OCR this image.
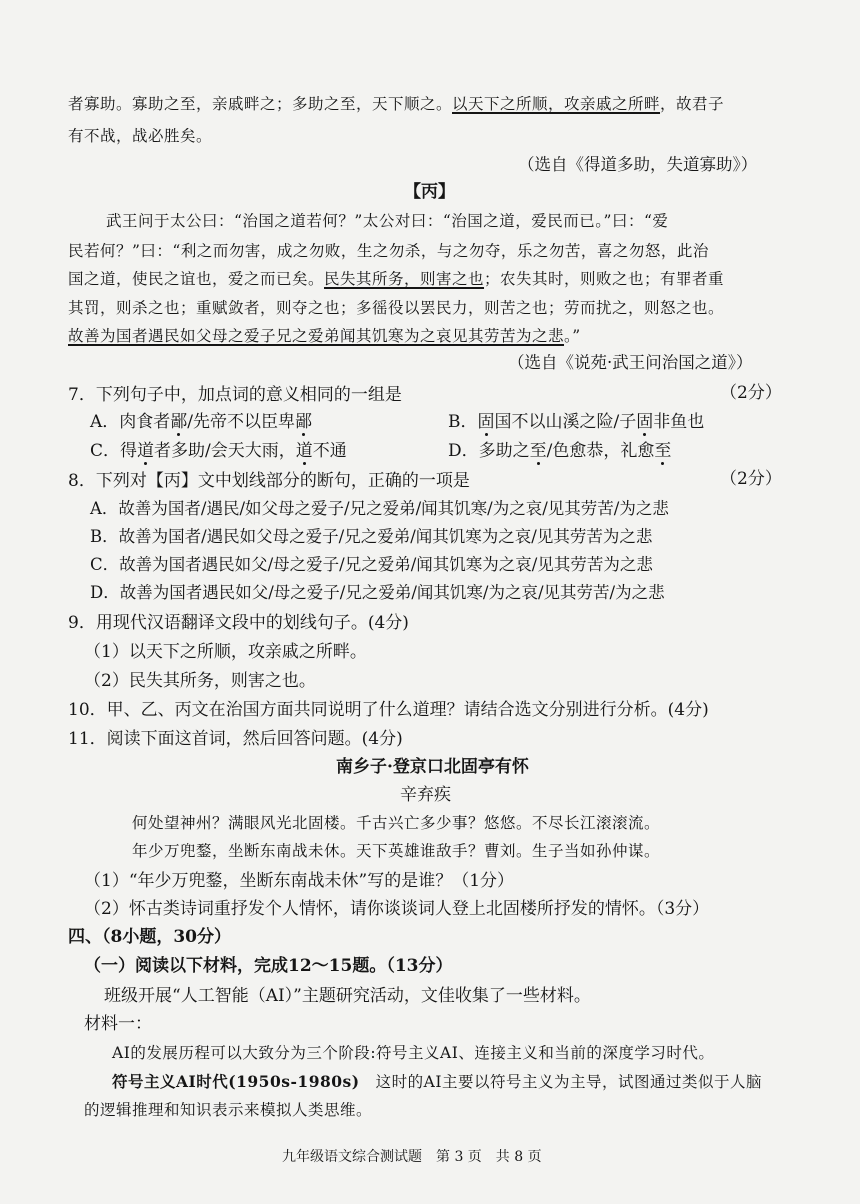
者寡助。寡助之至，亲戚畔之；多助之至，天下顺之。以天下之所顺，攻亲戚之所畔，故君子
有不战，战必胜矣。
（选自《得道多助，失道寡助》）
【丙】
武王问于太公曰：“治国之道若何？”太公对曰：“治国之道，爱民而已。”曰：“爱
民若何？”曰：“利之而勿害，成之勿败，生之勿杀，与之勿夺，乐之勿苦，喜之勿怒，此治
国之道，使民之谊也，爱之而已矣。民失其所务，则害之也；农失其时，则败之也；有罪者重
其罚，则杀之也；重赋敛者，则夺之也；多徭役以罢民力，则苦之也；劳而扰之，则怒之也。
故善为国者遇民如父母之爱子兄之爱弟闻其饥寒为之哀见其劳苦为之悲。”
（选自《说苑·武王问治国之道》）
7．下列句子中，加点词的意义相同的一组是	（2分）
A．肉食者鄙/先帝不以臣卑鄙	B．固国不以山溪之险/子固非鱼也
C．得道者多助/会天大雨，道不通	D．多助之至/色愈恭，礼愈至
8．下列对【丙】文中划线部分的断句，正确的一项是	（2分）
A．故善为国者/遇民/如父母之爱子/兄之爱弟/闻其饥寒/为之哀/见其劳苦/为之悲
B．故善为国者/遇民如父母之爱子/兄之爱弟/闻其饥寒为之哀/见其劳苦为之悲
C．故善为国者遇民如父/母之爱子/兄之爱弟/闻其饥寒为之哀/见其劳苦为之悲
D．故善为国者遇民如父/母之爱子/兄之爱弟/闻其饥寒/为之哀/见其劳苦/为之悲
9．用现代汉语翻译文段中的划线句子。(4分)
（1）以天下之所顺，攻亲戚之所畔。
（2）民失其所务，则害之也。
10．甲、乙、丙文在治国方面共同说明了什么道理？请结合选文分别进行分析。(4分)
11．阅读下面这首词，然后回答问题。(4分)
南乡子·登京口北固亭有怀
辛弃疾
何处望神州？满眼风光北固楼。千古兴亡多少事？悠悠。不尽长江滚滚流。
年少万兜鍪，坐断东南战未休。天下英雄谁敌手？曹刘。生子当如孙仲谋。
（1）“年少万兜鍪，坐断东南战未休”写的是谁？（1分）
（2）怀古类诗词重抒发个人情怀，请你谈谈词人登上北固楼所抒发的情怀。（3分）
四、（8小题，30分）
（一）阅读以下材料，完成12～15题。（13分）
班级开展“人工智能（AI）”主题研究活动，文佳收集了一些材料。
材料一：
AI的发展历程可以大致分为三个阶段:符号主义AI、连接主义和当前的深度学习时代。
符号主义AI时代(1950s-1980s)　 这时的AI主要以符号主义为主导，试图通过类似于人脑
的逻辑推理和知识表示来模拟人类思维。
九年级语文综合测试题　第 3 页　共 8 页
